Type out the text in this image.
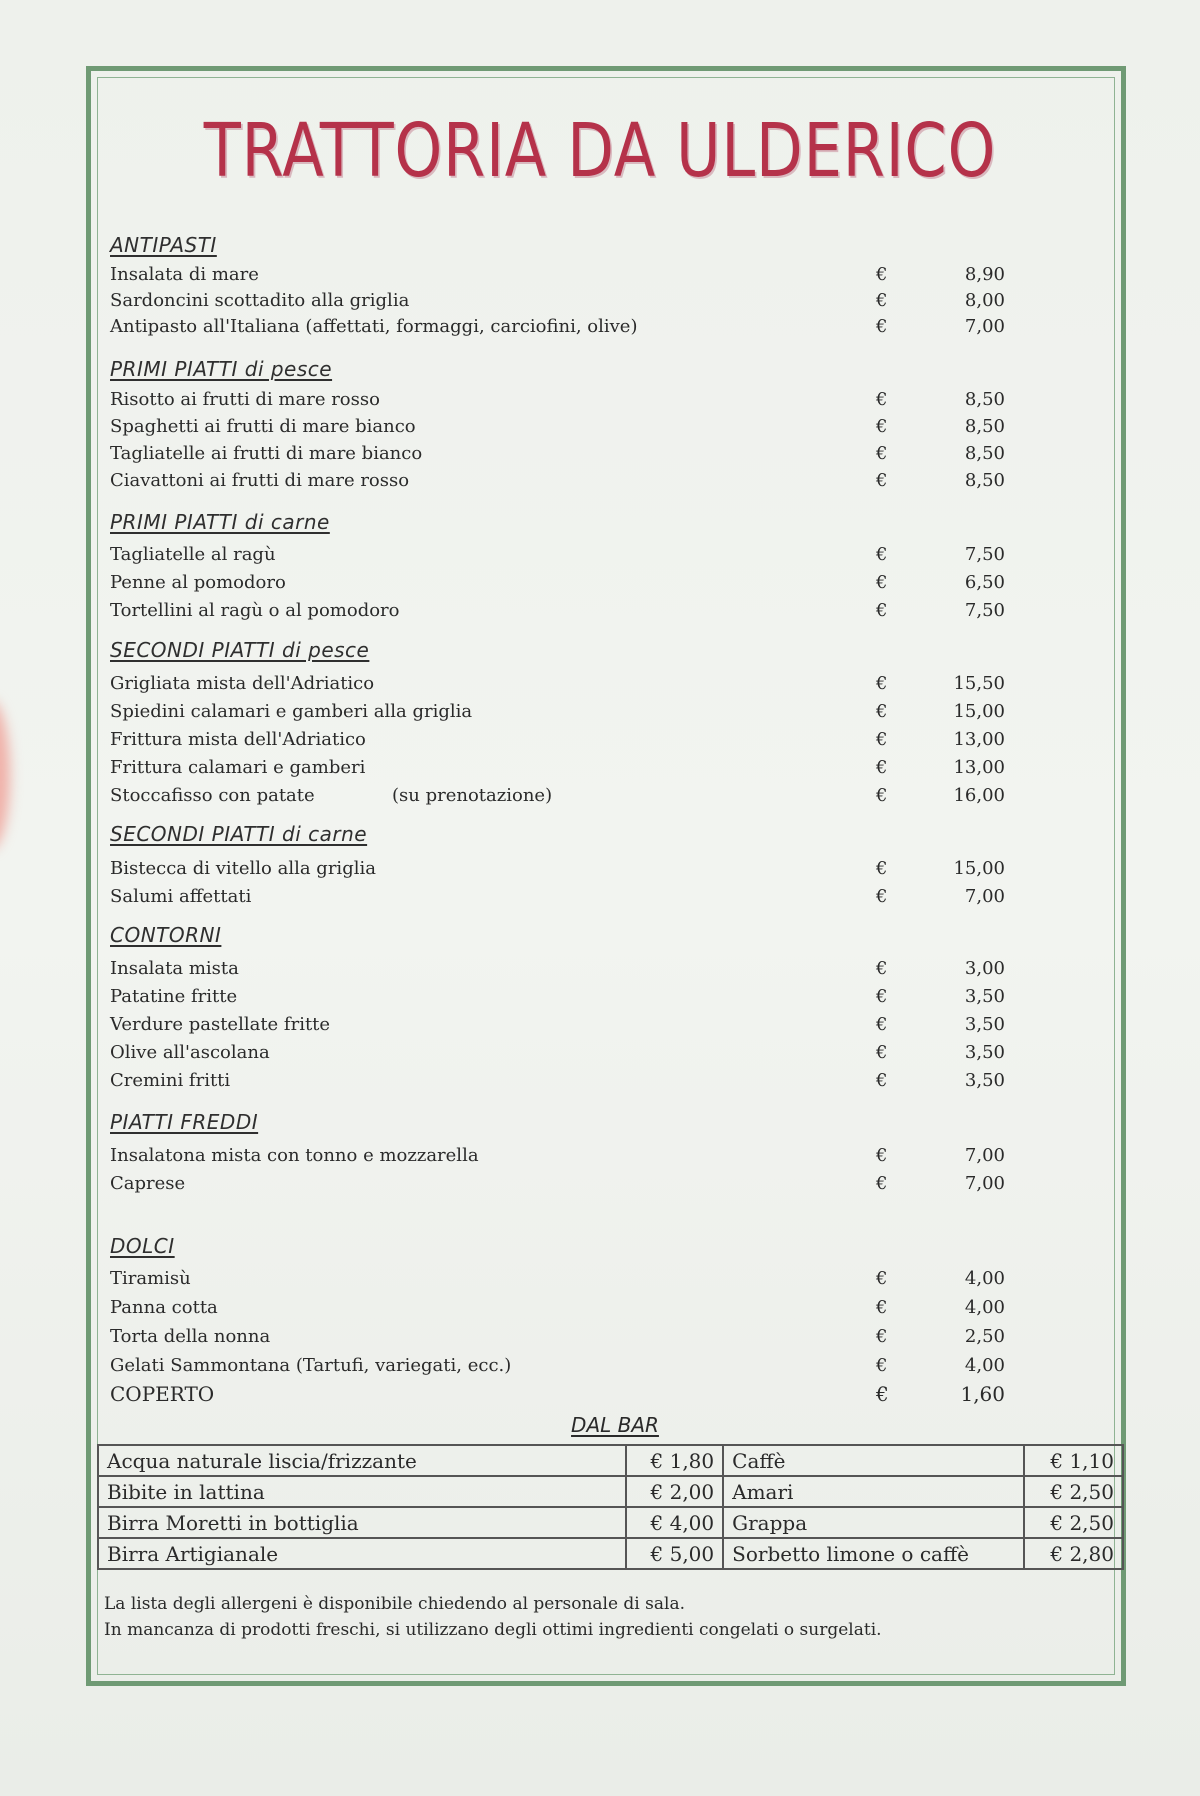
TRATTORIA DA ULDERICO
ANTIPASTI
Insalata di mare	€	8,90
Sardoncini scottadito alla griglia	€	8,00
Antipasto all'Italiana (affettati, formaggi, carciofini, olive)	€	7,00
PRIMI PIATTI di pesce
Risotto ai frutti di mare rosso	€	8,50
Spaghetti ai frutti di mare bianco	€	8,50
Tagliatelle ai frutti di mare bianco	€	8,50
Ciavattoni ai frutti di mare rosso	€	8,50
PRIMI PIATTI di carne
Tagliatelle al ragù	€	7,50
Penne al pomodoro	€	6,50
Tortellini al ragù o al pomodoro	€	7,50
SECONDI PIATTI di pesce
Grigliata mista dell'Adriatico	€	15,50
Spiedini calamari e gamberi alla griglia	€	15,00
Frittura mista dell'Adriatico	€	13,00
Frittura calamari e gamberi	€	13,00
Stoccafisso con patate	(su prenotazione)	€	16,00
SECONDI PIATTI di carne
Bistecca di vitello alla griglia	€	15,00
Salumi affettati	€	7,00
CONTORNI
Insalata mista	€	3,00
Patatine fritte	€	3,50
Verdure pastellate fritte	€	3,50
Olive all'ascolana	€	3,50
Cremini fritti	€	3,50
PIATTI FREDDI
Insalatona mista con tonno e mozzarella	€	7,00
Caprese	€	7,00
DOLCI
Tiramisù	€	4,00
Panna cotta	€	4,00
Torta della nonna	€	2,50
Gelati Sammontana (Tartufi, variegati, ecc.)	€	4,00
COPERTO	€	1,60
DAL BAR
Acqua naturale liscia/frizzante	€ 1,80	Caffè	€ 1,10
Bibite in lattina	€ 2,00	Amari	€ 2,50
Birra Moretti in bottiglia	€ 4,00	Grappa	€ 2,50
Birra Artigianale	€ 5,00	Sorbetto limone o caffè	€ 2,80
La lista degli allergeni è disponibile chiedendo al personale di sala.
In mancanza di prodotti freschi, si utilizzano degli ottimi ingredienti congelati o surgelati.
